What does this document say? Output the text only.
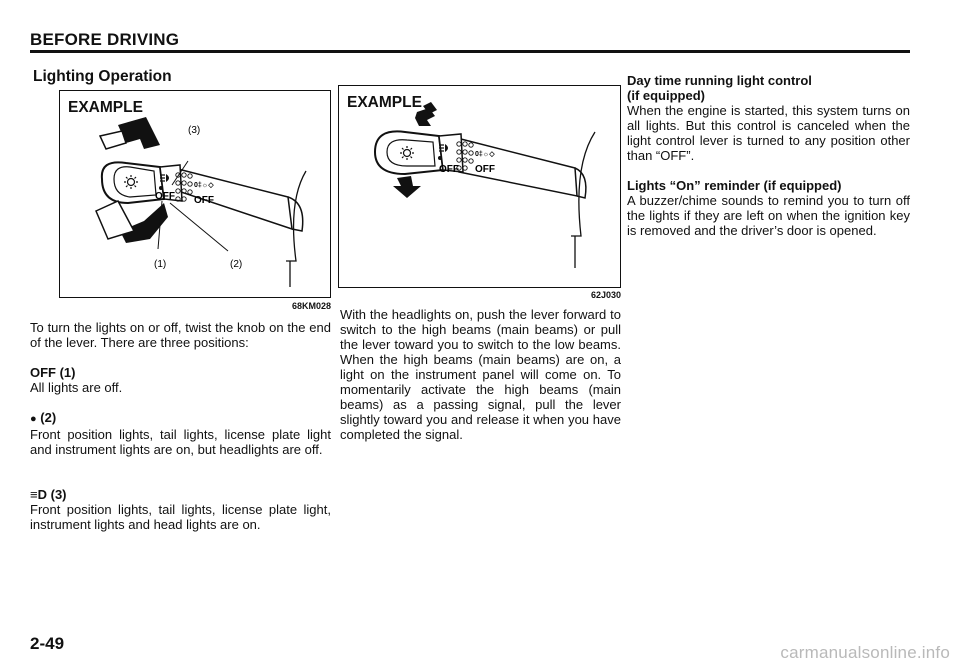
BEFORE DRIVING
Lighting Operation
EXAMPLE
OFF
0‡☼◇
OFF
(3)
(1)	(2)
68KM028
EXAMPLE
0‡☼◇
OFF OFF
62J030

To turn the lights on or off, twist the knob on the end of the lever. There are three positions:

OFF (1)

All lights are off.

● (2)

Front position lights, tail lights, license plate light and instrument lights are on, but headlights are off.

≡D (3)

Front position lights, tail lights, license plate light, instrument lights and head lights are on.

With the headlights on, push the lever forward to switch to the high beams (main beams) or pull the lever toward you to switch to the low beams. When the high beams (main beams) are on, a light on the instrument panel will come on. To momentarily activate the high beams (main beams) as a passing signal, pull the lever slightly toward you and release it when you have completed the signal.

Day time running light control

(if equipped)

When the engine is started, this system turns on all lights. But this control is canceled when the light control lever is turned to any position other than “OFF”.

Lights “On” reminder (if equipped)

A buzzer/chime sounds to remind you to turn off the lights if they are left on when the ignition key is removed and the driver’s door is opened.

2-49	carmanualsonline.info
